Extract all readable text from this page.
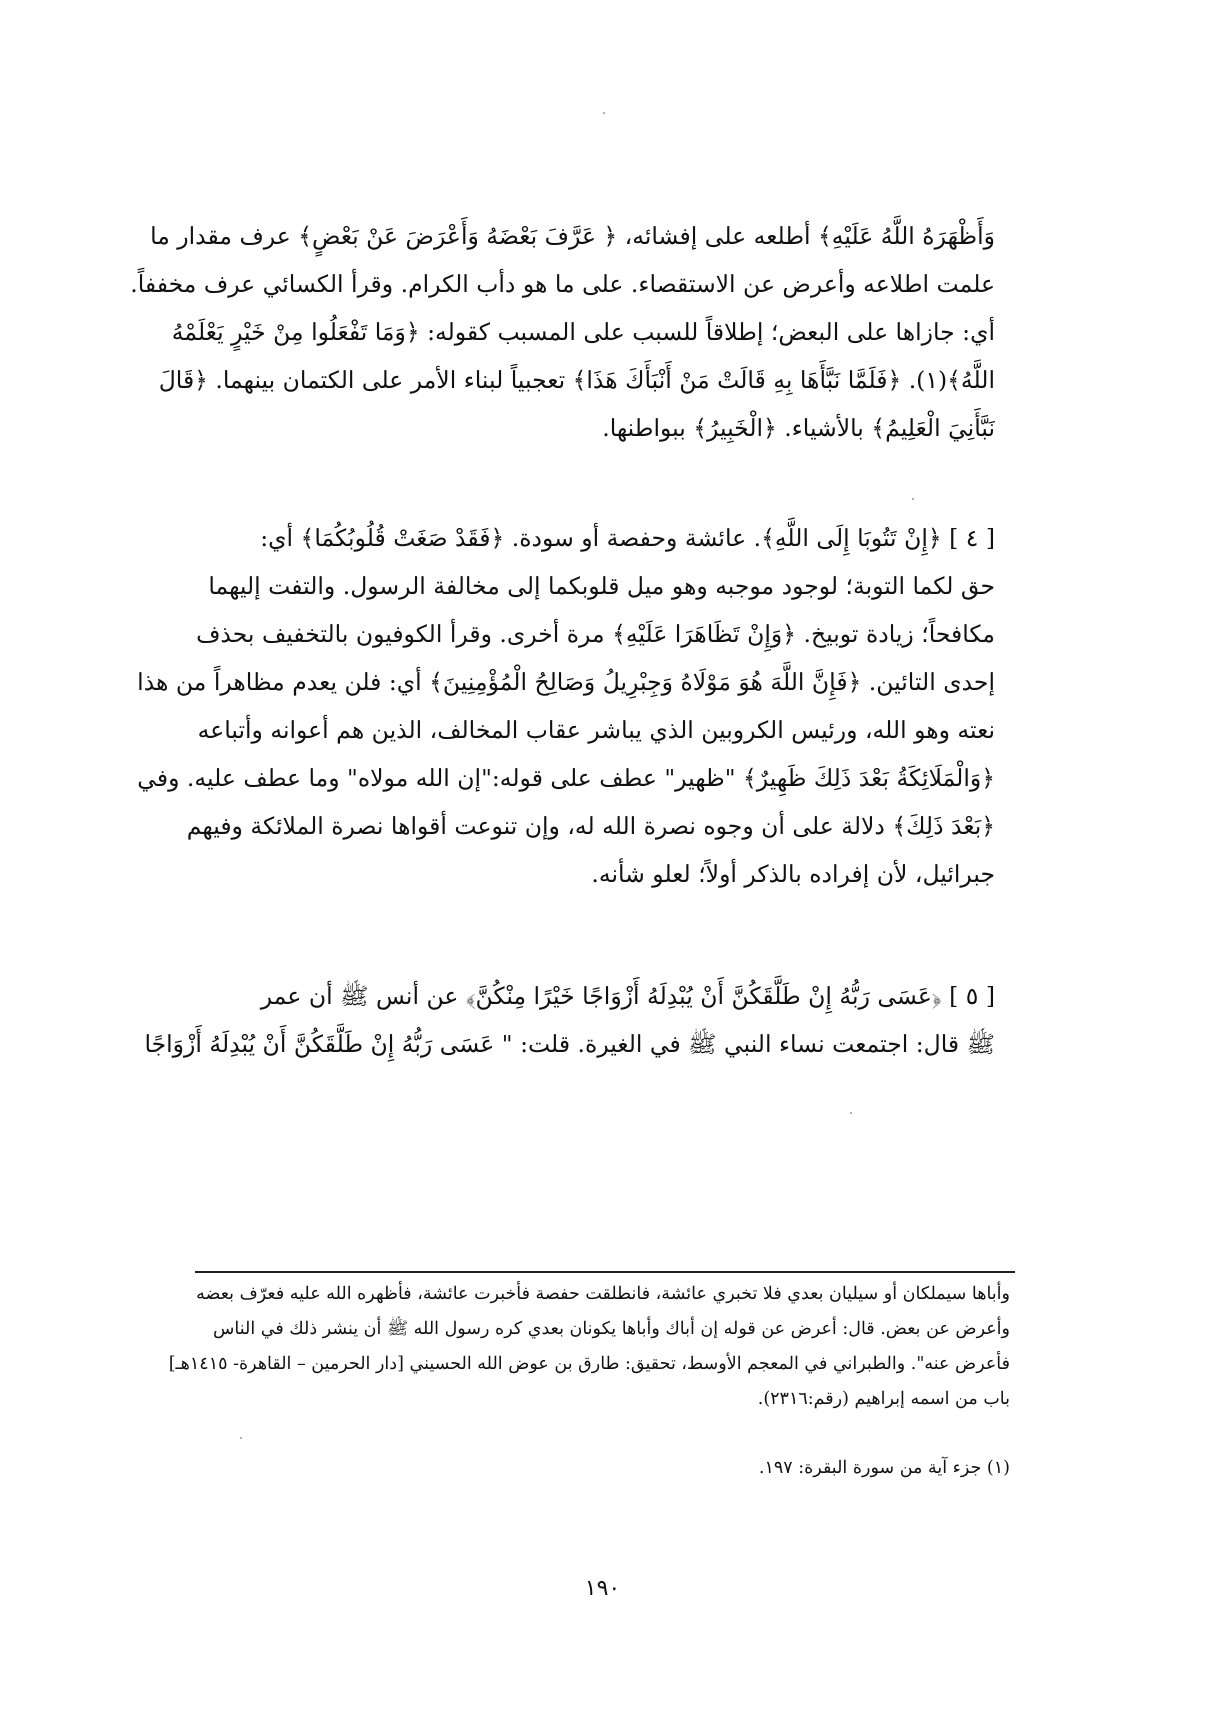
وَأَظْهَرَهُ اللَّهُ عَلَيْهِ﴾ أطلعه على إفشائه، ﴿ عَرَّفَ بَعْضَهُ وَأَعْرَضَ عَنْ بَعْضٍ﴾ عرف مقدار ما
علمت اطلاعه وأعرض عن الاستقصاء. على ما هو دأب الكرام. وقرأ الكسائي عرف مخففاً.
أي: جازاها على البعض؛ إطلاقاً للسبب على المسبب كقوله: ﴿وَمَا تَفْعَلُوا مِنْ خَيْرٍ يَعْلَمْهُ
اللَّهُ﴾(١). ﴿فَلَمَّا نَبَّأَهَا بِهِ قَالَتْ مَنْ أَنْبَأَكَ هَذَا﴾ تعجبياً لبناء الأمر على الكتمان بينهما. ﴿قَالَ
نَبَّأَنِيَ الْعَلِيمُ﴾ بالأشياء. ﴿الْخَبِيرُ﴾ ببواطنها.
[ ٤ ] ﴿إِنْ تَتُوبَا إِلَى اللَّهِ﴾. عائشة وحفصة أو سودة. ﴿فَقَدْ صَغَتْ قُلُوبُكُمَا﴾ أي:
حق لكما التوبة؛ لوجود موجبه وهو ميل قلوبكما إلى مخالفة الرسول. والتفت إليهما
مكافحاً؛ زيادة توبيخ. ﴿وَإِنْ تَظَاهَرَا عَلَيْهِ﴾ مرة أخرى. وقرأ الكوفيون بالتخفيف بحذف
إحدى التائين. ﴿فَإِنَّ اللَّهَ هُوَ مَوْلَاهُ وَجِبْرِيلُ وَصَالِحُ الْمُؤْمِنِينَ﴾ أي: فلن يعدم مظاهراً من هذا
نعته وهو الله، ورئيس الكروبين الذي يباشر عقاب المخالف، الذين هم أعوانه وأتباعه
﴿وَالْمَلَائِكَةُ بَعْدَ ذَلِكَ ظَهِيرٌ﴾ "ظهير" عطف على قوله:"إن الله مولاه" وما عطف عليه. وفي
﴿بَعْدَ ذَلِكَ﴾ دلالة على أن وجوه نصرة الله له، وإن تنوعت أقواها نصرة الملائكة وفيهم
جبرائيل، لأن إفراده بالذكر أولاً؛ لعلو شأنه.
[ ٥ ] ﴿عَسَى رَبُّهُ إِنْ طَلَّقَكُنَّ أَنْ يُبْدِلَهُ أَزْوَاجًا خَيْرًا مِنْكُنَّ﴾ عن أنس ﷺ أن عمر
ﷺ قال: اجتمعت نساء النبي ﷺ في الغيرة. قلت: " عَسَى رَبُّهُ إِنْ طَلَّقَكُنَّ أَنْ يُبْدِلَهُ أَزْوَاجًا
وأباها سيملكان أو سيليان بعدي فلا تخبري عائشة، فانطلقت حفصة فأخبرت عائشة، فأظهره الله عليه فعرّف بعضه
وأعرض عن بعض. قال: أعرض عن قوله إن أباك وأباها يكونان بعدي كره رسول الله ﷺ أن ينشر ذلك في الناس
فأعرض عنه". والطبراني في المعجم الأوسط، تحقيق: طارق بن عوض الله الحسيني [دار الحرمين – القاهرة- ١٤١٥هـ]
باب من اسمه إبراهيم (رقم:٢٣١٦).
(١) جزء آية من سورة البقرة: ١٩٧.
١٩٠
